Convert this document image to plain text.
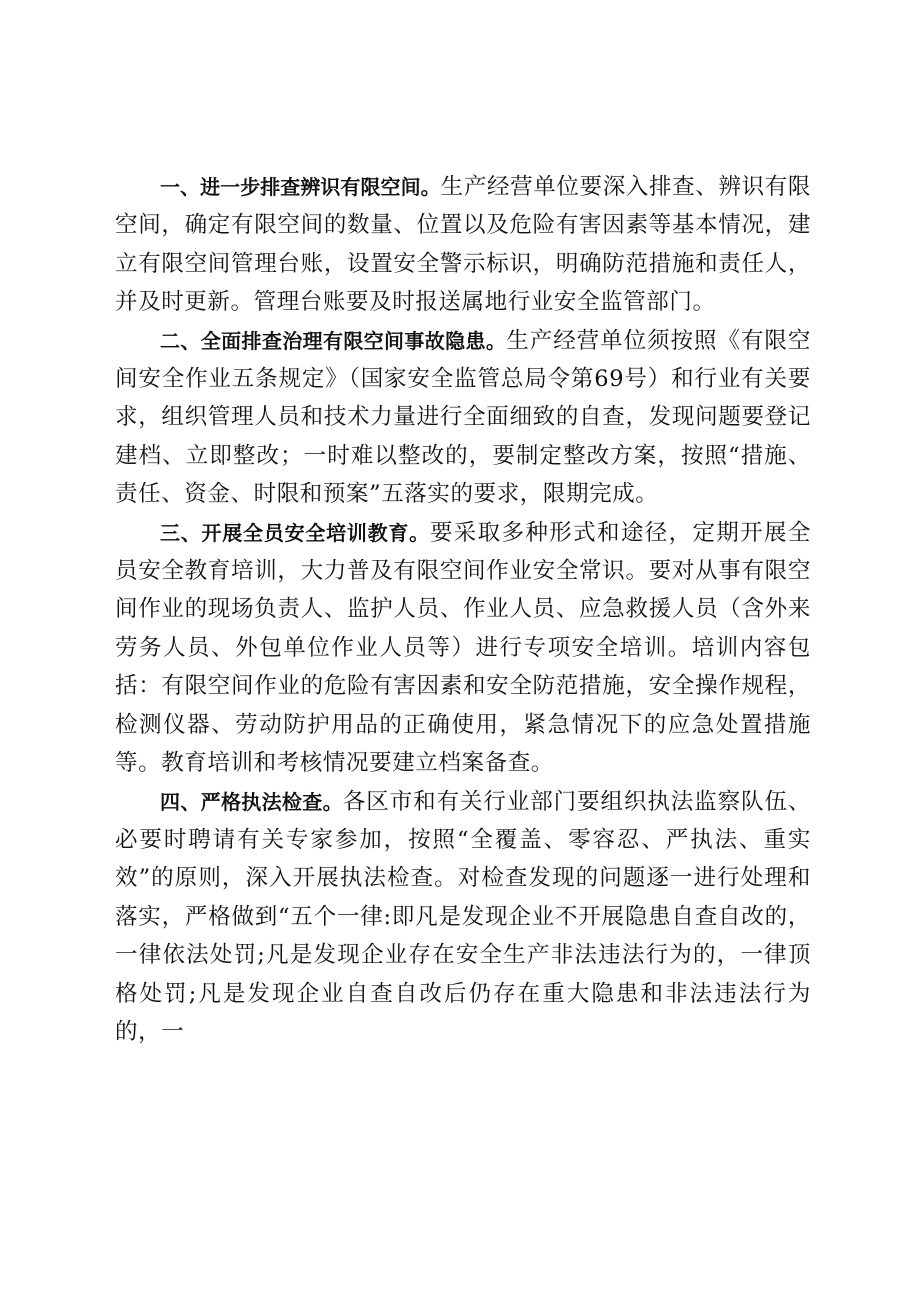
一、进一步排查辨识有限空间。生产经营单位要深入排查、辨识有限空间，确定有限空间的数量、位置以及危险有害因素等基本情况，建立有限空间管理台账，设置安全警示标识，明确防范措施和责任人，并及时更新。管理台账要及时报送属地行业安全监管部门。

二、全面排查治理有限空间事故隐患。生产经营单位须按照《有限空间安全作业五条规定》（国家安全监管总局令第69号）和行业有关要求，组织管理人员和技术力量进行全面细致的自查，发现问题要登记建档、立即整改；一时难以整改的，要制定整改方案，按照“措施、责任、资金、时限和预案”五落实的要求，限期完成。

三、开展全员安全培训教育。要采取多种形式和途径，定期开展全员安全教育培训，大力普及有限空间作业安全常识。要对从事有限空间作业的现场负责人、监护人员、作业人员、应急救援人员（含外来劳务人员、外包单位作业人员等）进行专项安全培训。培训内容包括：有限空间作业的危险有害因素和安全防范措施，安全操作规程，检测仪器、劳动防护用品的正确使用，紧急情况下的应急处置措施等。教育培训和考核情况要建立档案备查。

四、严格执法检查。各区市和有关行业部门要组织执法监察队伍、必要时聘请有关专家参加，按照“全覆盖、零容忍、严执法、重实效”的原则，深入开展执法检查。对检查发现的问题逐一进行处理和落实，严格做到“五个一律:即凡是发现企业不开展隐患自查自改的，一律依法处罚;凡是发现企业存在安全生产非法违法行为的，一律顶格处罚;凡是发现企业自查自改后仍存在重大隐患和非法违法行为的，一
